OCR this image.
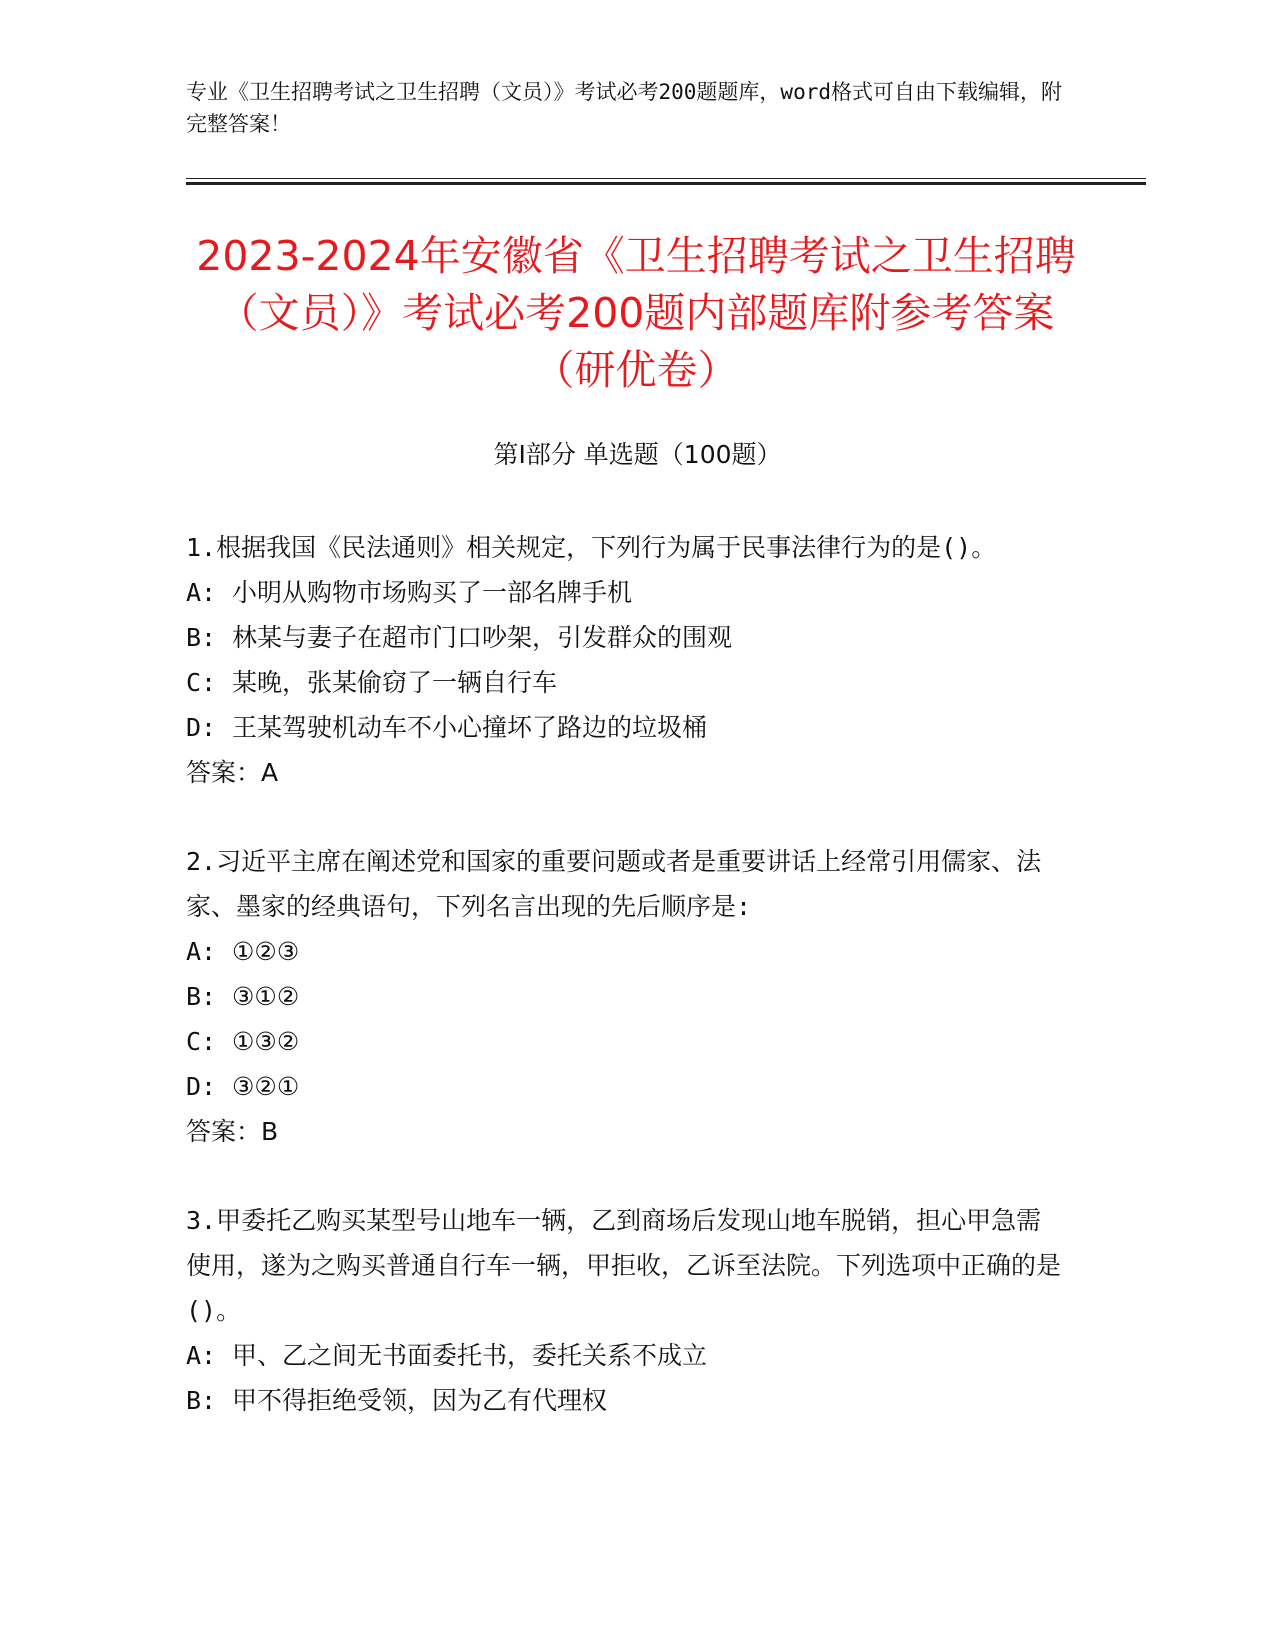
专业《卫生招聘考试之卫生招聘（文员）》考试必考200题题库，word格式可自由下载编辑，附完整答案！
2023-2024年安徽省《卫生招聘考试之卫生招聘（文员）》考试必考200题内部题库附参考答案（研优卷）
第Ⅰ部分 单选题（100题）
1.根据我国《民法通则》相关规定，下列行为属于民事法律行为的是()。
A: 小明从购物市场购买了一部名牌手机
B: 林某与妻子在超市门口吵架，引发群众的围观
C: 某晚，张某偷窃了一辆自行车
D: 王某驾驶机动车不小心撞坏了路边的垃圾桶
答案：A
2.习近平主席在阐述党和国家的重要问题或者是重要讲话上经常引用儒家、法家、墨家的经典语句，下列名言出现的先后顺序是:
A: ①②③
B: ③①②
C: ①③②
D: ③②①
答案：B
3.甲委托乙购买某型号山地车一辆，乙到商场后发现山地车脱销，担心甲急需使用，遂为之购买普通自行车一辆，甲拒收，乙诉至法院。下列选项中正确的是()。
A: 甲、乙之间无书面委托书，委托关系不成立
B: 甲不得拒绝受领，因为乙有代理权
